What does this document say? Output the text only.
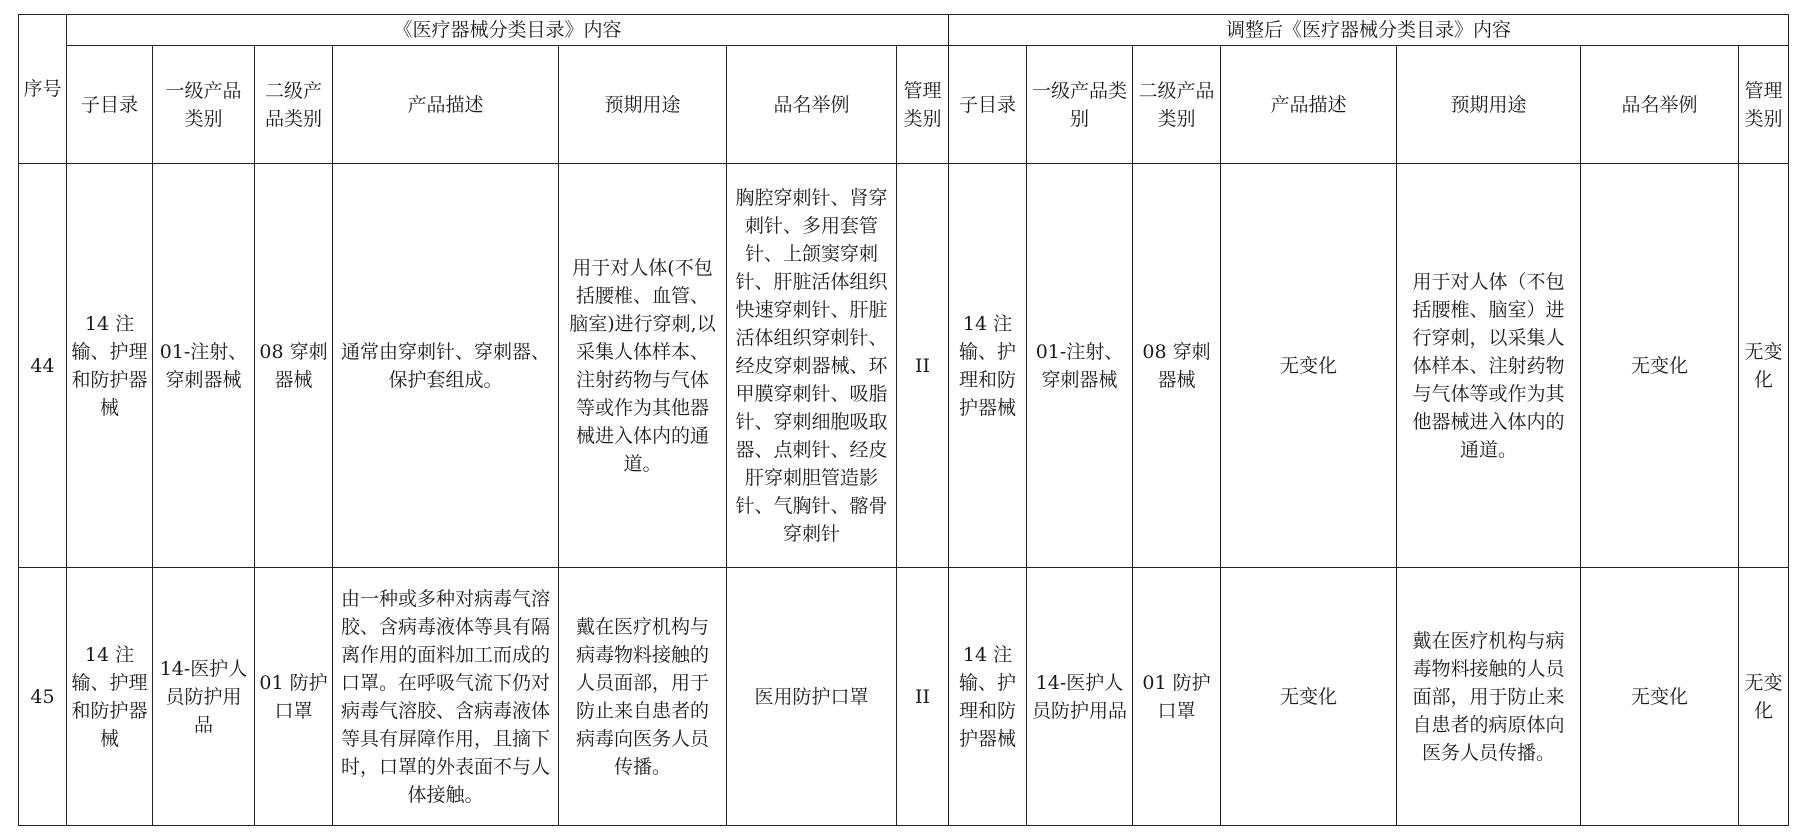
序号	《医疗器械分类目录》内容							调整后《医疗器械分类目录》内容						
	子目录	一级产品类别	二级产品类别	产品描述	预期用途	品名举例	管理类别	子目录	一级产品类别	二级产品类别	产品描述	预期用途	品名举例	管理类别
44	14 注输、护理和防护器械	01-注射、穿刺器械	08 穿刺器械	通常由穿刺针、穿刺器、保护套组成。	用于对人体(不包括腰椎、血管、脑室)进行穿刺,以采集人体样本、注射药物与气体等或作为其他器械进入体内的通道。	胸腔穿刺针、肾穿刺针、多用套管针、上颌窦穿刺针、肝脏活体组织快速穿刺针、肝脏活体组织穿刺针、经皮穿刺器械、环甲膜穿刺针、吸脂针、穿刺细胞吸取器、点刺针、经皮肝穿刺胆管造影针、气胸针、髂骨穿刺针	II	14 注输、护理和防护器械	01-注射、穿刺器械	08 穿刺器械	无变化	用于对人体（不包括腰椎、脑室）进行穿刺，以采集人体样本、注射药物与气体等或作为其他器械进入体内的通道。	无变化	无变化
45	14 注输、护理和防护器械	14-医护人员防护用品	01 防护口罩	由一种或多种对病毒气溶胶、含病毒液体等具有隔离作用的面料加工而成的口罩。在呼吸气流下仍对病毒气溶胶、含病毒液体等具有屏障作用，且摘下时，口罩的外表面不与人体接触。	戴在医疗机构与病毒物料接触的人员面部，用于防止来自患者的病毒向医务人员传播。	医用防护口罩	II	14 注输、护理和防护器械	14-医护人员防护用品	01 防护口罩	无变化	戴在医疗机构与病毒物料接触的人员面部，用于防止来自患者的病原体向医务人员传播。	无变化	无变化
